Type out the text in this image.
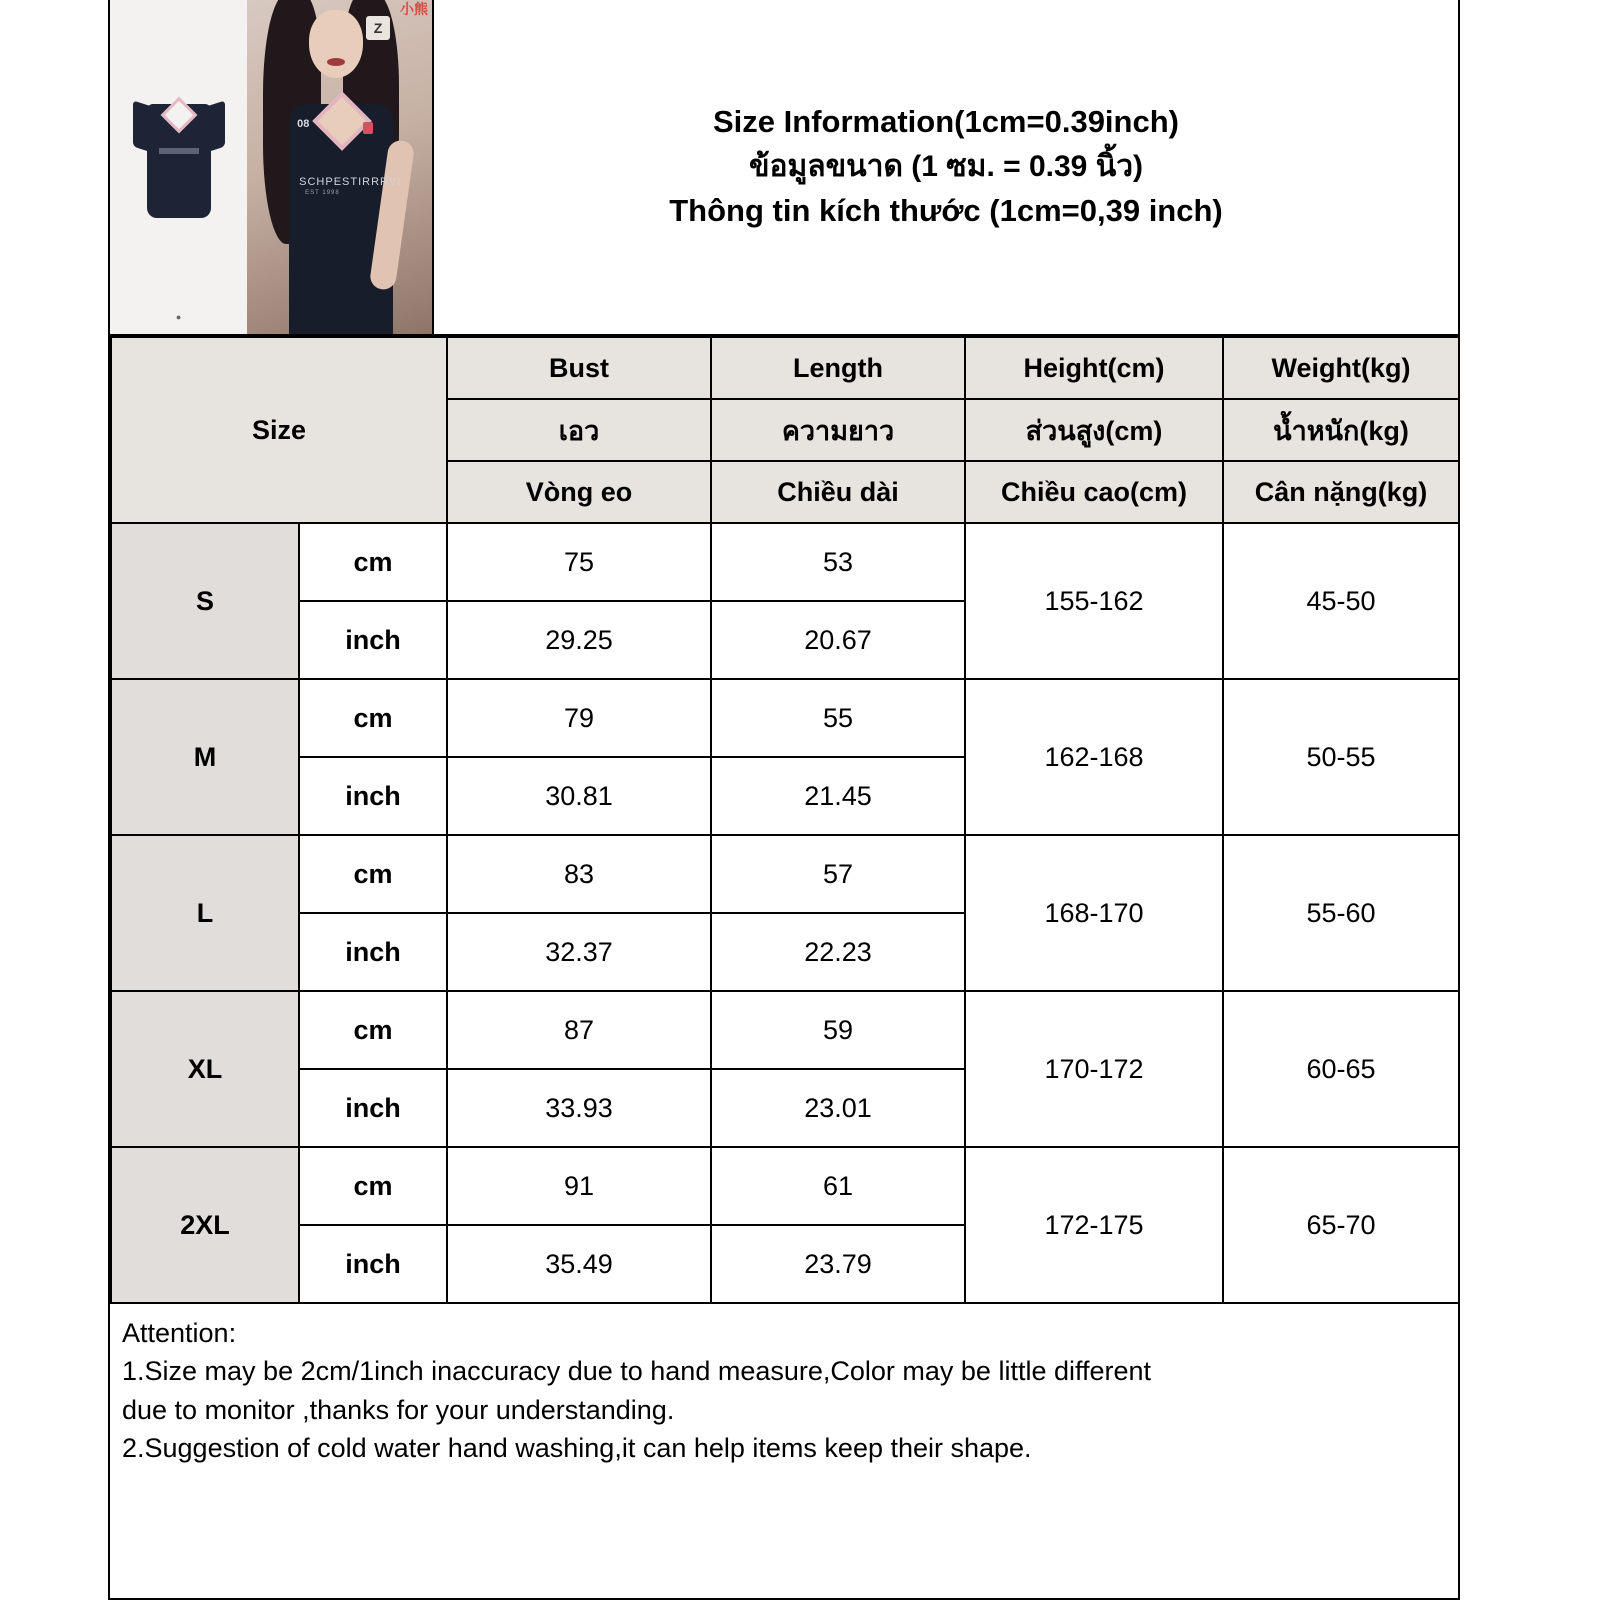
●
08
SCHPESTIRRRVI
EST 1998
小熊
Z
Size Information(1cm=0.39inch)
ข้อมูลขนาด (1 ซม. = 0.39 นิ้ว)
Thông tin kích thước (1cm=0,39 inch)
Size		Bust	Length	Height(cm)	Weight(kg)
		เอว	ความยาว	ส่วนสูง(cm)	น้ำหนัก(kg)
		Vòng eo	Chiều dài	Chiều cao(cm)	Cân nặng(kg)
S	cm	75	53	155-162	45-50
	inch	29.25	20.67		
M	cm	79	55	162-168	50-55
	inch	30.81	21.45		
L	cm	83	57	168-170	55-60
	inch	32.37	22.23		
XL	cm	87	59	170-172	60-65
	inch	33.93	23.01		
2XL	cm	91	61	172-175	65-70
	inch	35.49	23.79		

Attention:

1.Size may be 2cm/1inch inaccuracy due to hand measure,Color may be little different

due to monitor ,thanks for your understanding.

2.Suggestion of cold water hand washing,it can help items keep their shape.
